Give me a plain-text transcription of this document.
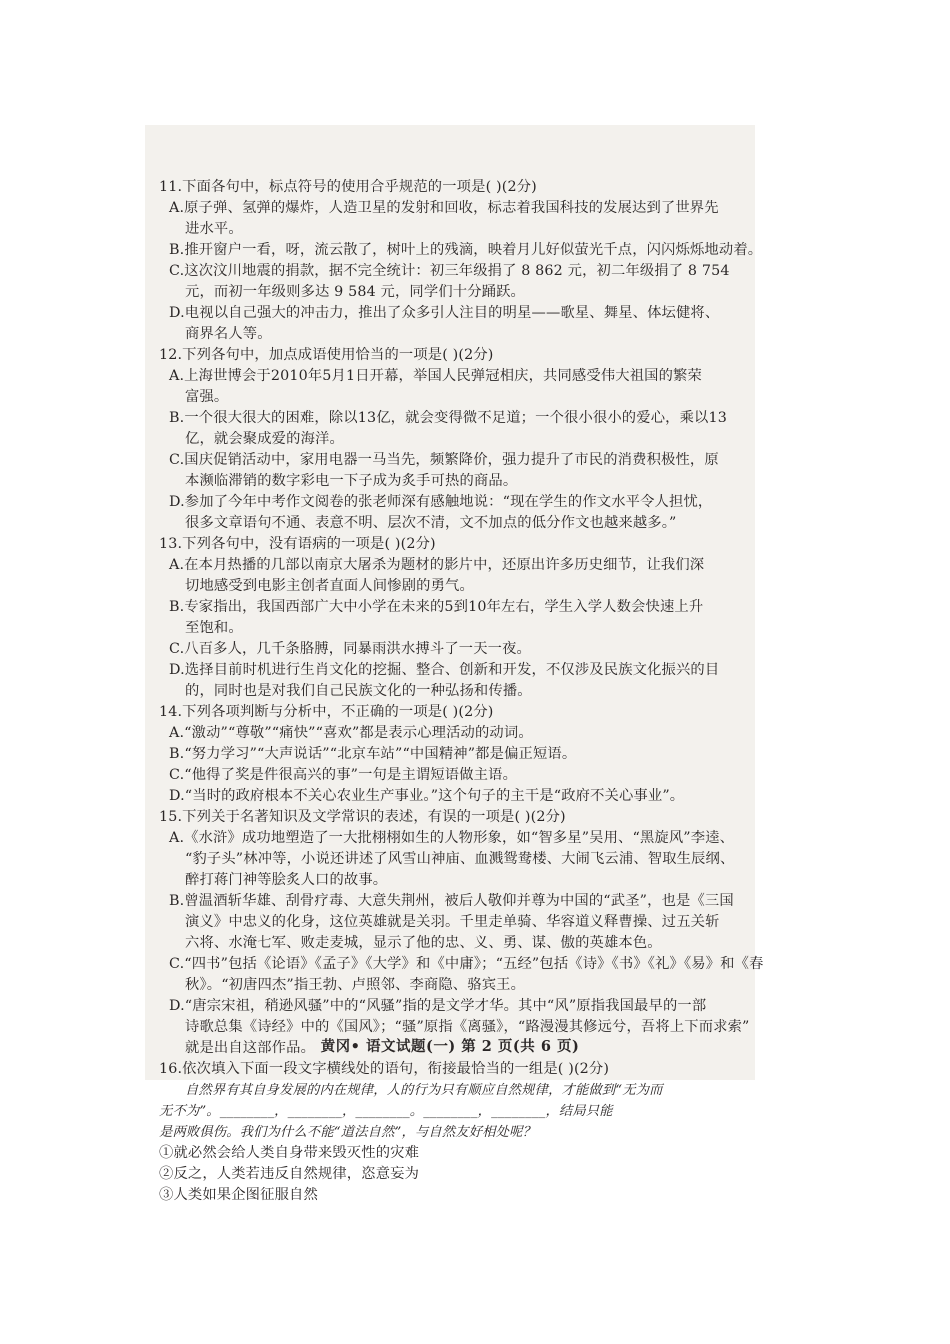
11.下面各句中，标点符号的使用合乎规范的一项是( )(2分)
A.原子弹、氢弹的爆炸，人造卫星的发射和回收，标志着我国科技的发展达到了世界先
进水平。
B.推开窗户一看，呀，流云散了，树叶上的残滴，映着月儿好似萤光千点，闪闪烁烁地动着。
C.这次汶川地震的捐款，据不完全统计：初三年级捐了 8 862 元，初二年级捐了 8 754
元，而初一年级则多达 9 584 元，同学们十分踊跃。
D.电视以自己强大的冲击力，推出了众多引人注目的明星——歌星、舞星、体坛健将、
商界名人等。
12.下列各句中，加点成语使用恰当的一项是( )(2分)
A.上海世博会于2010年5月1日开幕，举国人民弹冠相庆，共同感受伟大祖国的繁荣
富强。
B.一个很大很大的困难，除以13亿，就会变得微不足道；一个很小很小的爱心，乘以13
亿，就会聚成爱的海洋。
C.国庆促销活动中，家用电器一马当先，频繁降价，强力提升了市民的消费积极性，原
本濒临滞销的数字彩电一下子成为炙手可热的商品。
D.参加了今年中考作文阅卷的张老师深有感触地说：“现在学生的作文水平令人担忧，
很多文章语句不通、表意不明、层次不清，文不加点的低分作文也越来越多。”
13.下列各句中，没有语病的一项是( )(2分)
A.在本月热播的几部以南京大屠杀为题材的影片中，还原出许多历史细节，让我们深
切地感受到电影主创者直面人间惨剧的勇气。
B.专家指出，我国西部广大中小学在未来的5到10年左右，学生入学人数会快速上升
至饱和。
C.八百多人，几千条胳膊，同暴雨洪水搏斗了一天一夜。
D.选择目前时机进行生肖文化的挖掘、整合、创新和开发，不仅涉及民族文化振兴的目
的，同时也是对我们自己民族文化的一种弘扬和传播。
14.下列各项判断与分析中，不正确的一项是( )(2分)
A.“激动”“尊敬”“痛快”“喜欢”都是表示心理活动的动词。
B.“努力学习”“大声说话”“北京车站”“中国精神”都是偏正短语。
C.“他得了奖是件很高兴的事”一句是主谓短语做主语。
D.“当时的政府根本不关心农业生产事业。”这个句子的主干是“政府不关心事业”。
15.下列关于名著知识及文学常识的表述，有误的一项是( )(2分)
A.《水浒》成功地塑造了一大批栩栩如生的人物形象，如“智多星”吴用、“黑旋风”李逵、
“豹子头”林冲等，小说还讲述了风雪山神庙、血溅鸳鸯楼、大闹飞云浦、智取生辰纲、
醉打蒋门神等脍炙人口的故事。
B.曾温酒斩华雄、刮骨疗毒、大意失荆州，被后人敬仰并尊为中国的“武圣”，也是《三国
演义》中忠义的化身，这位英雄就是关羽。千里走单骑、华容道义释曹操、过五关斩
六将、水淹七军、败走麦城，显示了他的忠、义、勇、谋、傲的英雄本色。
C.“四书”包括《论语》《孟子》《大学》和《中庸》；“五经”包括《诗》《书》《礼》《易》和《春
秋》。“初唐四杰”指王勃、卢照邻、李商隐、骆宾王。
D.“唐宗宋祖，稍逊风骚”中的“风骚”指的是文学才华。其中“风”原指我国最早的一部
诗歌总集《诗经》中的《国风》；“骚”原指《离骚》，“路漫漫其修远兮，吾将上下而求索”
就是出自这部作品。
16.依次填入下面一段文字横线处的语句，衔接最恰当的一组是( )(2分)
自然界有其自身发展的内在规律，人的行为只有顺应自然规律，才能做到“无为而
无不为”。________，________，________。________，________，结局只能
是两败俱伤。我们为什么不能“道法自然”，与自然友好相处呢？
①就必然会给人类自身带来毁灭性的灾难
②反之，人类若违反自然规律，恣意妄为
③人类如果企图征服自然
黄冈• 语文试题(一) 第 2 页(共 6 页)
